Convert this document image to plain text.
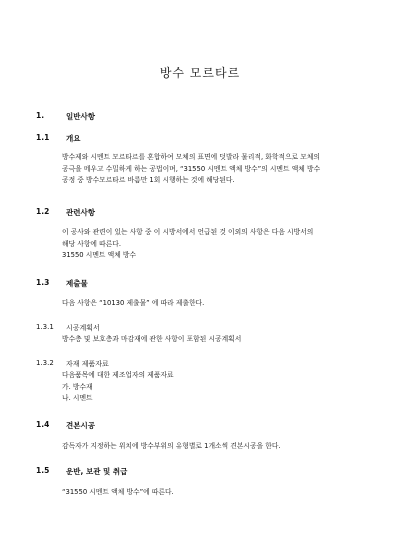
방수 모르타르
1.	일반사항
1.1 개요
방수제와 시멘트 모르타르를 혼합하여 모체의 표면에 덧발라 물리적, 화학적으로 모체의
공극을 메우고 수밀하게 하는 공법이며, “31550 시멘트 액체 방수”의 시멘트 액체 방수
공정 중 방수모르타르 바름만 1회 시행하는 것에 해당된다.
1.2 관련사항
이 공사와 관련이 있는 사항 중 이 시방서에서 언급된 것 이외의 사항은 다음 시방서의
해당 사항에 따른다.
31550 시멘트 액체 방수
1.3 제출물
다음 사항은 “10130 제출물” 에 따라 제출한다.
1.3.1 시공계획서
방수층 및 보호층과 마감재에 관한 사항이 포함된 시공계획서
1.3.2 자재 제품자료
다음품목에 대한 제조업자의 제품자료
가. 방수재
나. 시멘트
1.4 견본시공
감독자가 지정하는 위치에 방수부위의 유형별로 1개소씩 견본시공을 한다.
1.5 운반, 보관 및 취급
“31550 시멘트 액체 방수”에 따른다.
